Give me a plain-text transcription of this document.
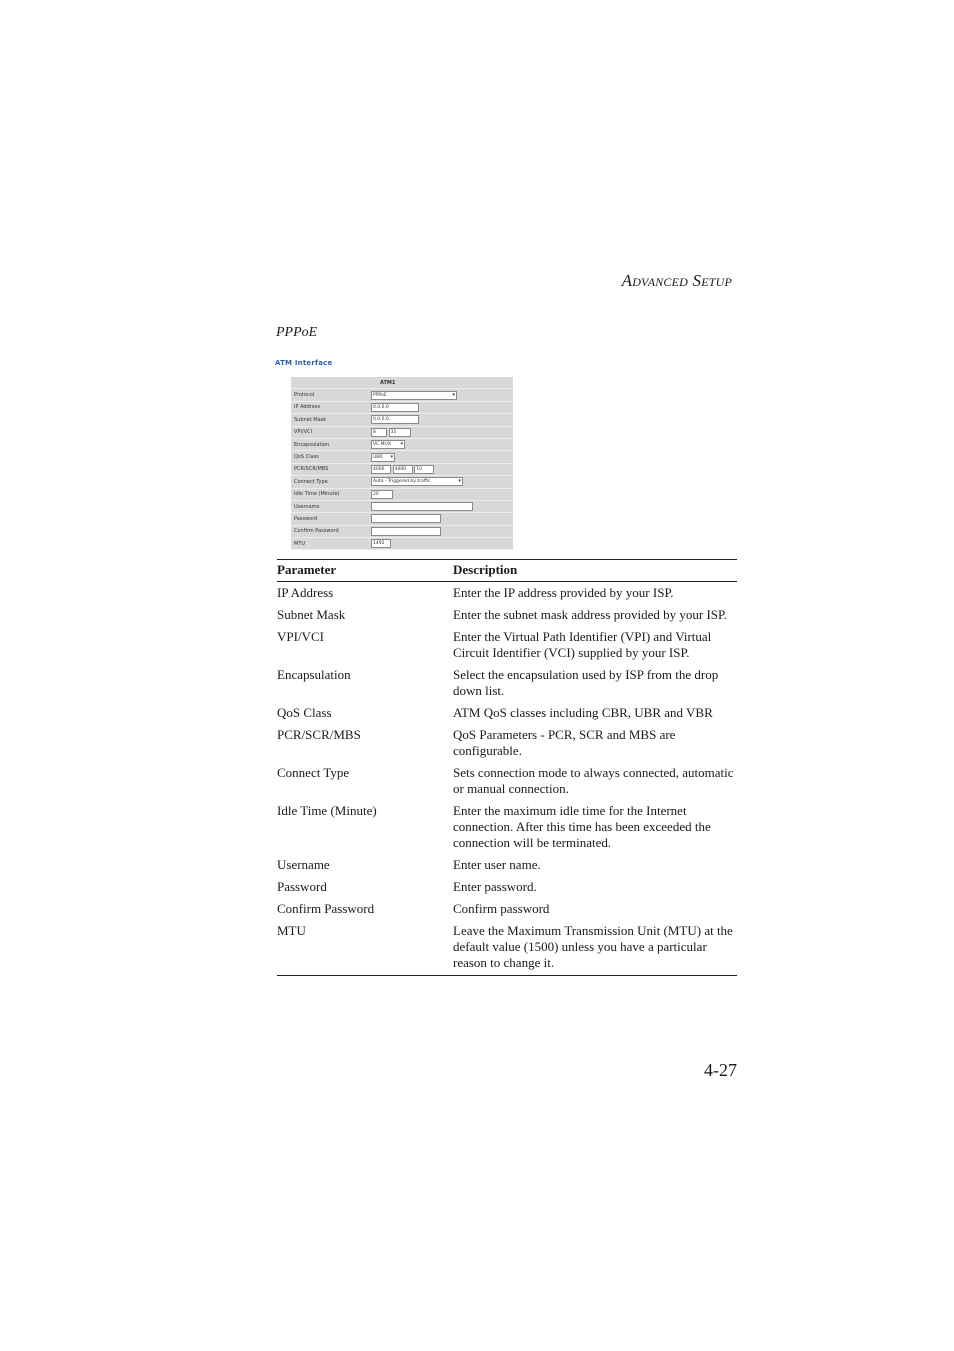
ADVANCED SETUP
PPPoE
ATM Interface
	ATM1
Protocol	PPPoE ▾
IP Address	0.0.0.0
Subnet Mask	0.0.0.0
VPI/VCI	8 35
Encapsulation	VC MUX ▾
QoS Class	UBR ▾
PCR/SCR/MBS	4000 4000 10
Connect Type	Auto - Triggered by traffic ▾
Idle Time (Minute)	20
Username	
Password	
Confirm Password	
MTU	1492
Parameter	Description
IP Address	Enter the IP address provided by your ISP.
Subnet Mask	Enter the subnet mask address provided by your ISP.
VPI/VCI	Enter the Virtual Path Identifier (VPI) and Virtual Circuit Identifier (VCI) supplied by your ISP.
Encapsulation	Select the encapsulation used by ISP from the drop down list.
QoS Class	ATM QoS classes including CBR, UBR and VBR
PCR/SCR/MBS	QoS Parameters - PCR, SCR and MBS are configurable.
Connect Type	Sets connection mode to always connected, automatic or manual connection.
Idle Time (Minute)	Enter the maximum idle time for the Internet connection. After this time has been exceeded the connection will be terminated.
Username	Enter user name.
Password	Enter password.
Confirm Password	Confirm password
MTU	Leave the Maximum Transmission Unit (MTU) at the default value (1500) unless you have a particular reason to change it.
4-27
